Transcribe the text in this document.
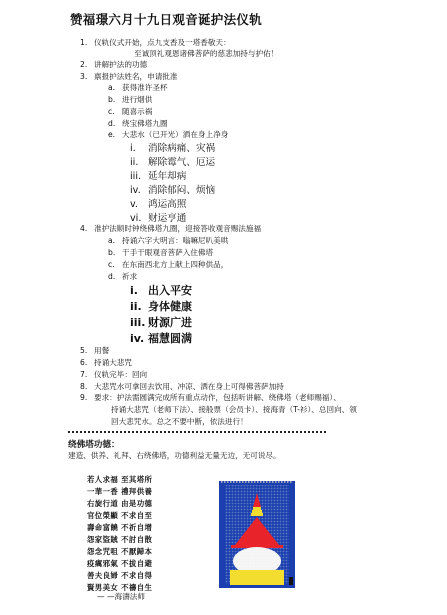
赞福璟六月十九日观音诞护法仪轨
1. 仪轨仪式开始，点九支香及一塔香敬天：
至诚顶礼观恩诸佛菩萨的慈悲加持与护佑！
2. 讲解护法的功德
3. 禀报护法姓名，申请批准
a. 获得准许圣杯
b. 进行烟供
c. 随喜示祸
d. 绕宝佛塔九圈
e. 大悲水（已开光）洒在身上净身
i. 消除病痛、灾祸
ii. 解除霉气、厄运
iii. 延年却病
iv. 消除郁闷、烦恼
v. 鸿运高照
vi. 财运亨通
4. 准护法顺时钟绕佛塔九圈，迎接答收观音赐法施福
a. 持诵六字大明言：嗡嘛尼叭美哄
b. 干手干眼观音菩萨入住佛塔
c. 在东南西北方上献上四种供品，
d. 祈求
i. 出入平安
ii. 身体健康
iii. 财源广进
iv. 福慧圆满
5. 用餐
6. 持诵大悲咒
7. 仪轨完毕：回向
8. 大悲咒水可拿回去饮用、冲凉、洒在身上可得佛菩萨加持
9. 要求：护法需圆满完成所有重点动作，包括听讲解、绕佛塔（老师赐福）、
持诵大悲咒（老师下法）、接般票（会员卡）、接海青（T-衫）、总回向、领
回大悲咒水。总之不要中断，依法进行！
绕佛塔功德：
建造、供养、礼拜、右绕佛塔，功德利益无量无边，无可说尽。
若人求福 至其塔所
一華一香 禮拜供養
右旋行道 由是功德
官位榮顯 不求自至
壽命富饒 不祈自增
怨家盜賊 不討自散
怨念咒咀 不厭歸本
疫癘邪氣 不拔自避
善夫良婦 不求自得
賢男美女 不禱自生
— —海濤法师
